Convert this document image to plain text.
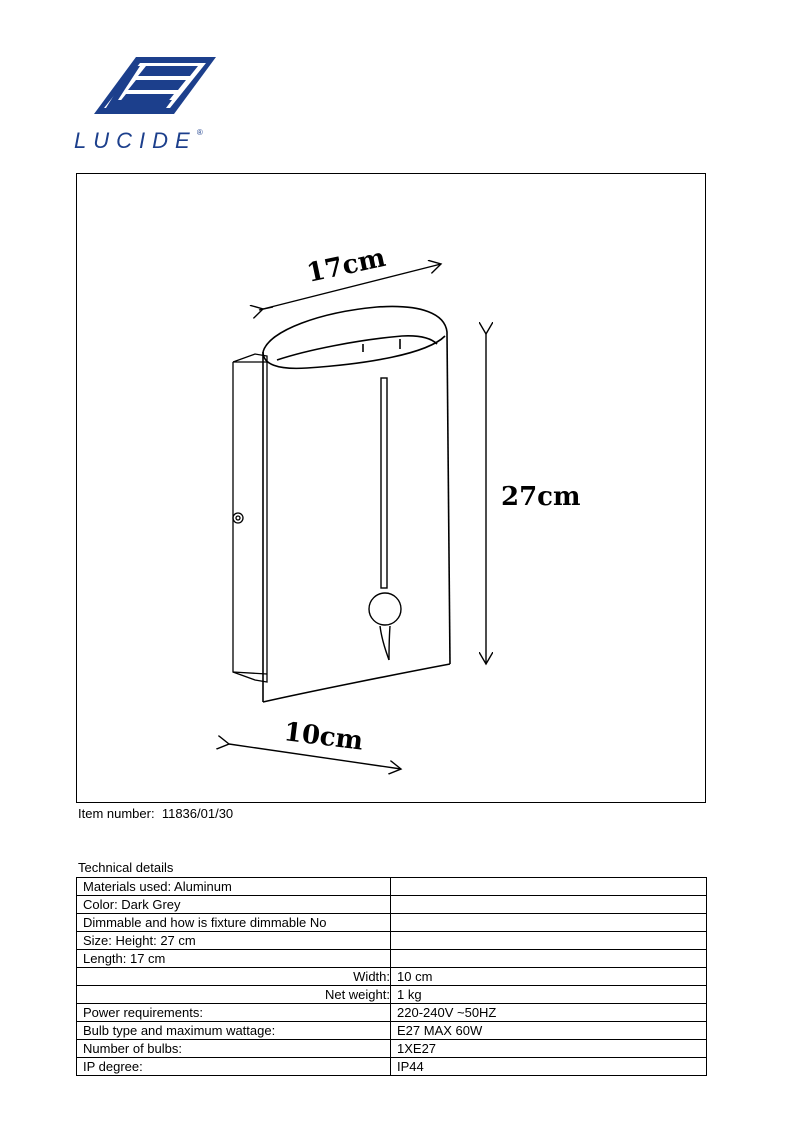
LUCIDE®
17cm
27cm
10cm
Item number: 11836/01/30
Technical details
Materials used: Aluminum	
Color: Dark Grey	
Dimmable and how is fixture dimmable No	
Size: Height: 27 cm	
Length: 17 cm	
Width:	10 cm
Net weight:	1 kg
Power requirements:	220-240V ~50HZ
Bulb type and maximum wattage:	E27 MAX 60W
Number of bulbs:	1XE27
IP degree:	IP44
